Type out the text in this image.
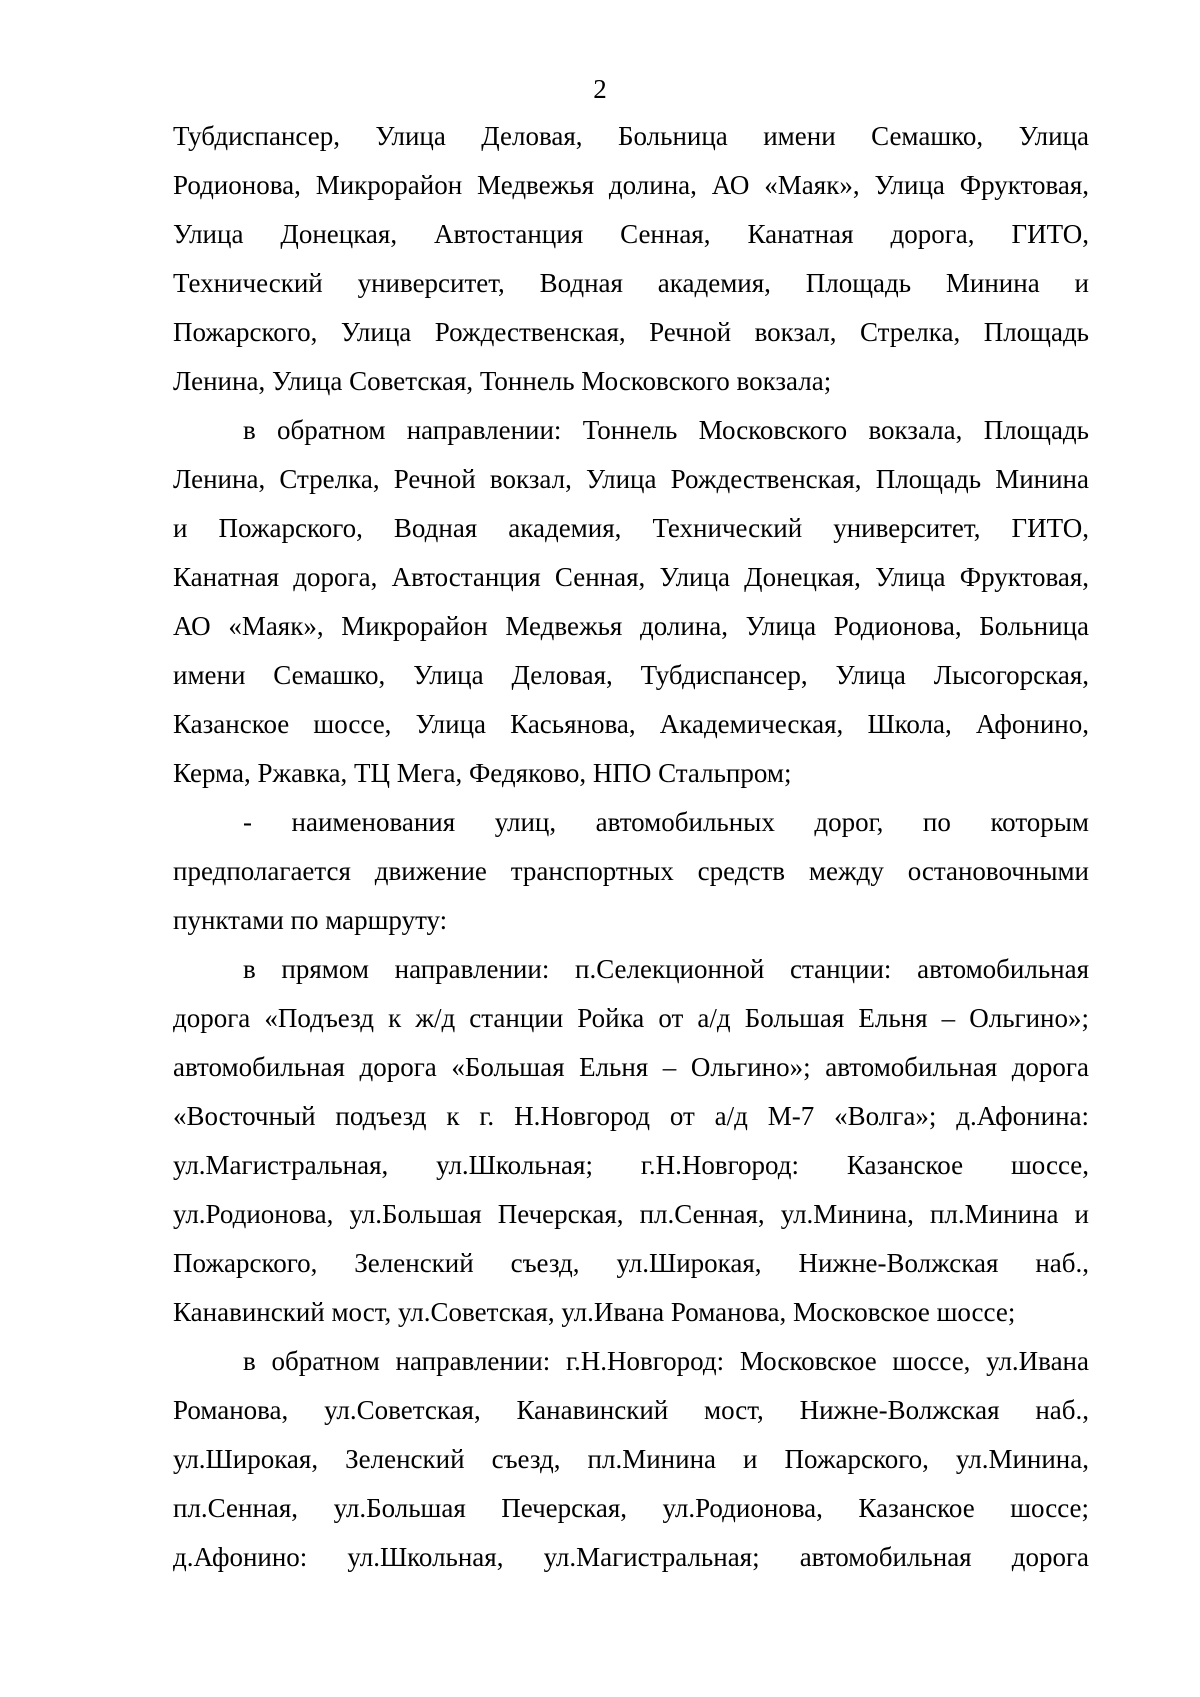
2

Тубдиспансер, Улица Деловая, Больница имени Семашко, Улица
Родионова, Микрорайон Медвежья долина, АО «Маяк», Улица Фруктовая,
Улица Донецкая, Автостанция Сенная, Канатная дорога, ГИТО,
Технический университет, Водная академия, Площадь Минина и
Пожарского, Улица Рождественская, Речной вокзал, Стрелка, Площадь
Ленина, Улица Советская, Тоннель Московского вокзала;
в обратном направлении: Тоннель Московского вокзала, Площадь
Ленина, Стрелка, Речной вокзал, Улица Рождественская, Площадь Минина
и Пожарского, Водная академия, Технический университет, ГИТО,
Канатная дорога, Автостанция Сенная, Улица Донецкая, Улица Фруктовая,
АО «Маяк», Микрорайон Медвежья долина, Улица Родионова, Больница
имени Семашко, Улица Деловая, Тубдиспансер, Улица Лысогорская,
Казанское шоссе, Улица Касьянова, Академическая, Школа, Афонино,
Керма, Ржавка, ТЦ Мега, Федяково, НПО Стальпром;
- наименования улиц, автомобильных дорог, по которым
предполагается движение транспортных средств между остановочными
пунктами по маршруту:
в прямом направлении: п.Селекционной станции: автомобильная
дорога «Подъезд к ж/д станции Ройка от а/д Большая Ельня – Ольгино»;
автомобильная дорога «Большая Ельня – Ольгино»; автомобильная дорога
«Восточный подъезд к г. Н.Новгород от а/д М-7 «Волга»; д.Афонина:
ул.Магистральная, ул.Школьная; г.Н.Новгород: Казанское шоссе,
ул.Родионова, ул.Большая Печерская, пл.Сенная, ул.Минина, пл.Минина и
Пожарского, Зеленский съезд, ул.Широкая, Нижне-Волжская наб.,
Канавинский мост, ул.Советская, ул.Ивана Романова, Московское шоссе;
в обратном направлении: г.Н.Новгород: Московское шоссе, ул.Ивана
Романова, ул.Советская, Канавинский мост, Нижне-Волжская наб.,
ул.Широкая, Зеленский съезд, пл.Минина и Пожарского, ул.Минина,
пл.Сенная, ул.Большая Печерская, ул.Родионова, Казанское шоссе;
д.Афонино: ул.Школьная, ул.Магистральная; автомобильная дорога
